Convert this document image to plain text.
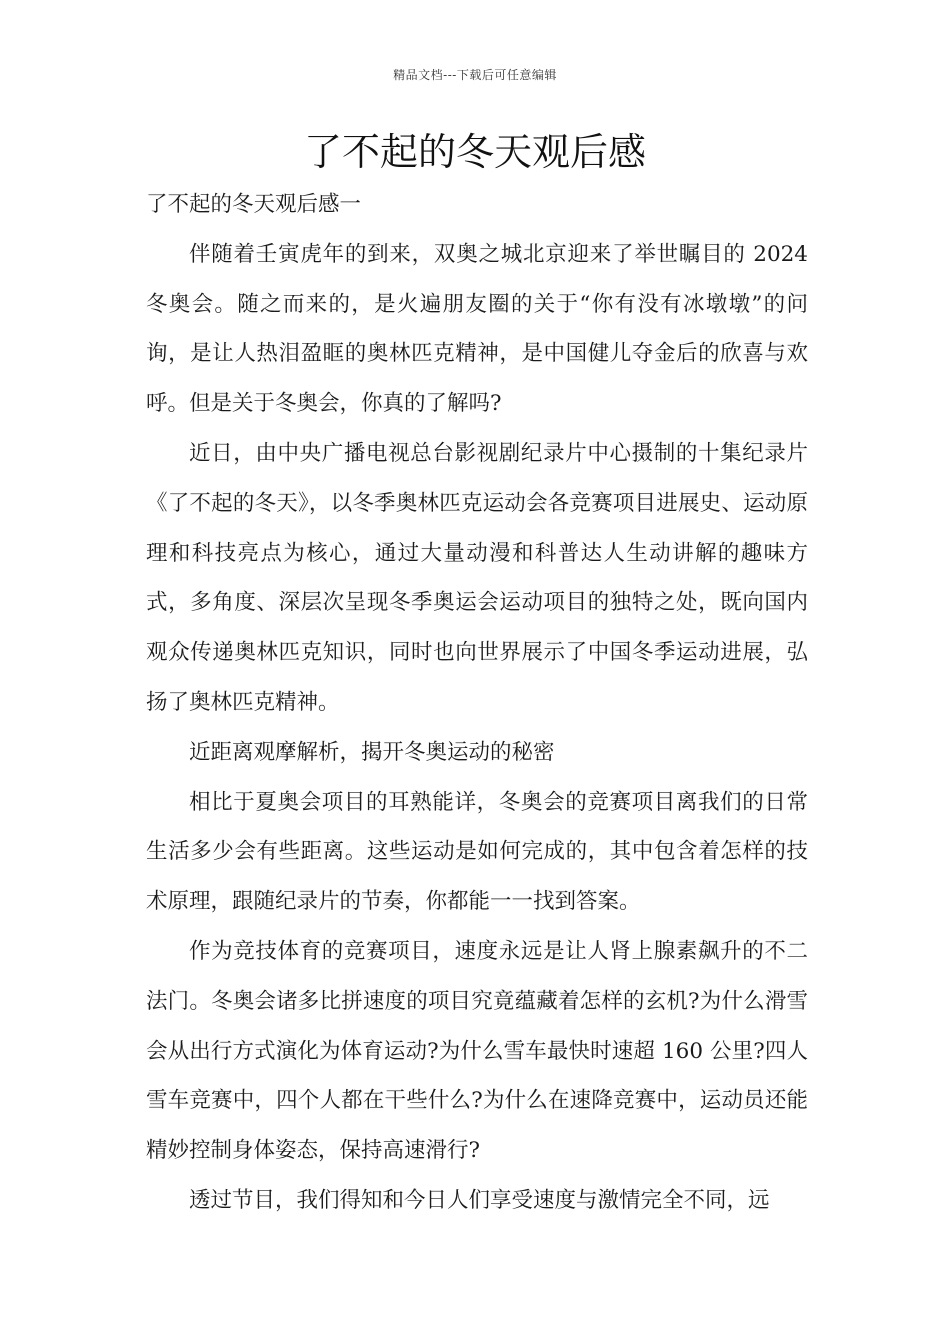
精品文档---下载后可任意编辑
了不起的冬天观后感

了不起的冬天观后感一

伴随着壬寅虎年的到来，双奥之城北京迎来了举世瞩目的 2024 冬奥会。随之而来的，是火遍朋友圈的关于“你有没有冰墩墩”的问询，是让人热泪盈眶的奥林匹克精神，是中国健儿夺金后的欣喜与欢呼。但是关于冬奥会，你真的了解吗?

近日，由中央广播电视总台影视剧纪录片中心摄制的十集纪录片《了不起的冬天》，以冬季奥林匹克运动会各竞赛项目进展史、运动原理和科技亮点为核心，通过大量动漫和科普达人生动讲解的趣味方式，多角度、深层次呈现冬季奥运会运动项目的独特之处，既向国内观众传递奥林匹克知识，同时也向世界展示了中国冬季运动进展，弘扬了奥林匹克精神。

近距离观摩解析，揭开冬奥运动的秘密

相比于夏奥会项目的耳熟能详，冬奥会的竞赛项目离我们的日常生活多少会有些距离。这些运动是如何完成的，其中包含着怎样的技术原理，跟随纪录片的节奏，你都能一一找到答案。

作为竞技体育的竞赛项目，速度永远是让人肾上腺素飙升的不二法门。冬奥会诸多比拼速度的项目究竟蕴藏着怎样的玄机?为什么滑雪会从出行方式演化为体育运动?为什么雪车最快时速超 160 公里?四人雪车竞赛中，四个人都在干些什么?为什么在速降竞赛中，运动员还能精妙控制身体姿态，保持高速滑行?

透过节目，我们得知和今日人们享受速度与激情完全不同，远
